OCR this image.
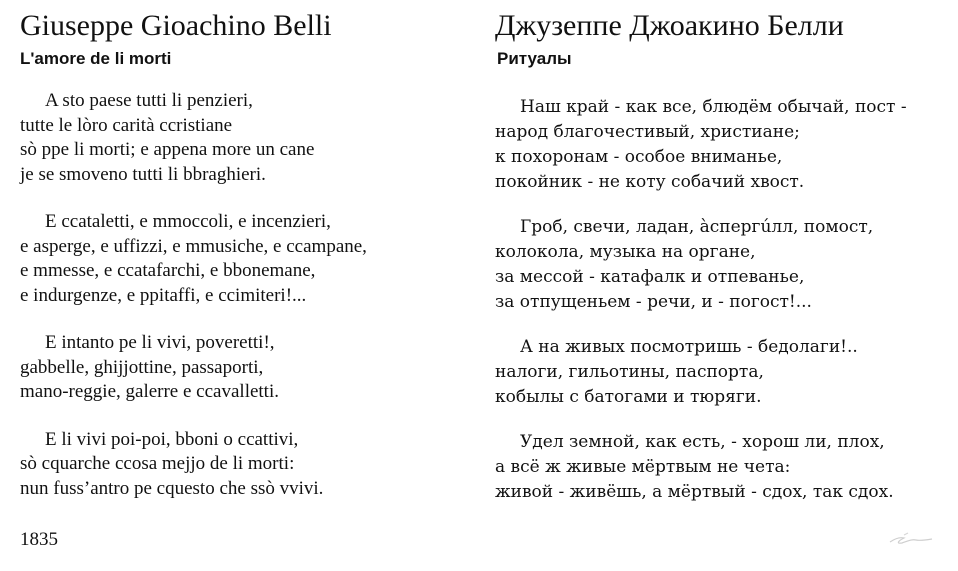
Giuseppe Gioachino Belli
L'amore de li morti

A sto paese tutti li penzieri,
tutte le lòro carità ccristiane
sò ppe li morti; e appena more un cane
je se smoveno tutti li bbraghieri.

E ccataletti, e mmoccoli, e incenzieri,
e asperge, e uffizzi, e mmusiche, e ccampane,
e mmesse, e ccatafarchi, e bbonemane,
e indurgenze, e ppitaffi, e ccimiteri!...

E intanto pe li vivi, poveretti!,
gabbelle, ghijjottine, passaporti,
mano-reggie, galerre e ccavalletti.

E li vivi poi-poi, bboni o ccattivi,
sò cquarche ccosa mejjo de li morti:
nun fuss’antro pe cquesto che ssò vvivi.

Джузеппе Джоакино Белли
Ритуалы

Наш край - как все, блюдём обычай, пост -
народ благочестивый, христиане;
к похоронам - особое вниманье,
покойник - не коту собачий хвост.

Гроб, свечи, ладан, àспергúлл, помост,
колокола, музыка на органе,
за мессой - катафалк и отпеванье,
за отпущеньем - речи, и - погост!...

А на живых посмотришь - бедолаги!..
налоги, гильотины, паспорта,
кобылы с батогами и тюряги.

Удел земной, как есть, - хорош ли, плох,
а всё ж живые мёртвым не чета:
живой - живёшь, а мёртвый - сдох, так сдох.

1835
